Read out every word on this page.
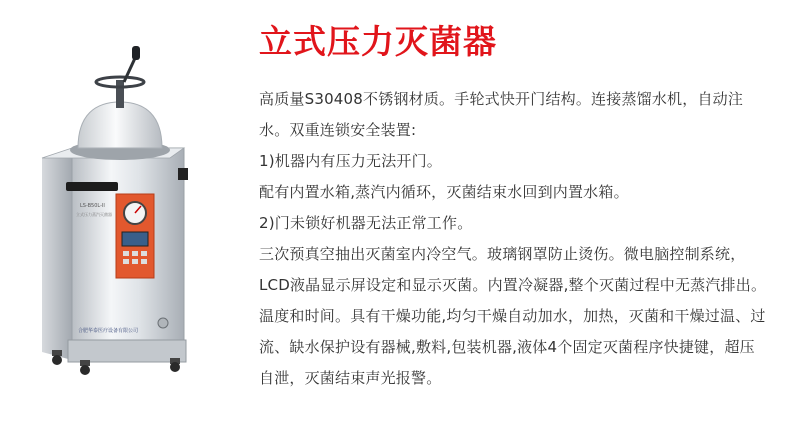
LS-B50L-II
立式压力蒸汽灭菌器
合肥华泰医疗设备有限公司
立式压力灭菌器

高质量S30408不锈钢材质。手轮式快开门结构。连接蒸馏水机，自动注水。双重连锁安全装置:

1)机器内有压力无法开门。

配有内置水箱,蒸汽内循环，灭菌结束水回到内置水箱。

2)门未锁好机器无法正常工作。

三次预真空抽出灭菌室内冷空气。玻璃钢罩防止烫伤。微电脑控制系统，LCD液晶显示屏设定和显示灭菌。内置冷凝器,整个灭菌过程中无蒸汽排出。温度和时间。具有干燥功能,均匀干燥自动加水，加热，灭菌和干燥过温、过流、缺水保护设有器械,敷料,包装机器,液体4个固定灭菌程序快捷键，超压自泄，灭菌结束声光报警。
